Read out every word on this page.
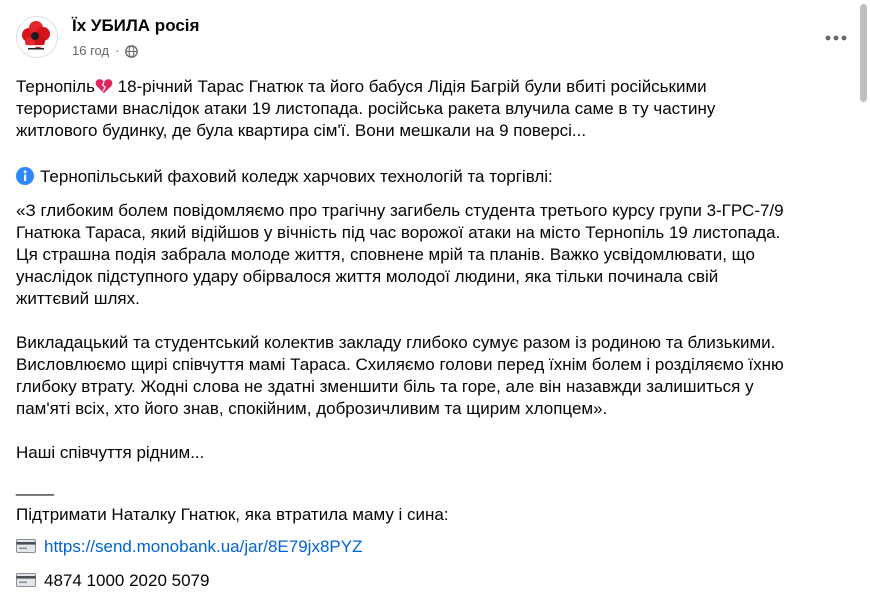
Їх УБИЛА росія
16 год ·

Тернопіль 18-річний Тарас Гнатюк та його бабуся Лідія Багрій були вбиті російськими
терористами внаслідок атаки 19 листопада. російська ракета влучила саме в ту частину
житлового будинку, де була квартира сім'ї. Вони мешкали на 9 поверсі...

Тернопільський фаховий коледж харчових технологій та торгівлі:

«З глибоким болем повідомляємо про трагічну загибель студента третього курсу групи 3-ГРС-7/9
Гнатюка Тараса, який відійшов у вічність під час ворожої атаки на місто Тернопіль 19 листопада.
Ця страшна подія забрала молоде життя, сповнене мрій та планів. Важко усвідомлювати, що
унаслідок підступного удару обірвалося життя молодої людини, яка тільки починала свій
життєвий шлях.

Викладацький та студентський колектив закладу глибоко сумує разом із родиною та близькими.
Висловлюємо щирі співчуття мамі Тараса. Схиляємо голови перед їхнім болем і розділяємо їхню
глибоку втрату. Жодні слова не здатні зменшити біль та горе, але він назавжди залишиться у
пам'яті всіх, хто його знав, спокійним, доброзичливим та щирим хлопцем».

Наші співчуття рідним...

____

Підтримати Наталку Гнатюк, яка втратила маму і сина:

https://send.monobank.ua/jar/8E79jx8PYZ

4874 1000 2020 5079
